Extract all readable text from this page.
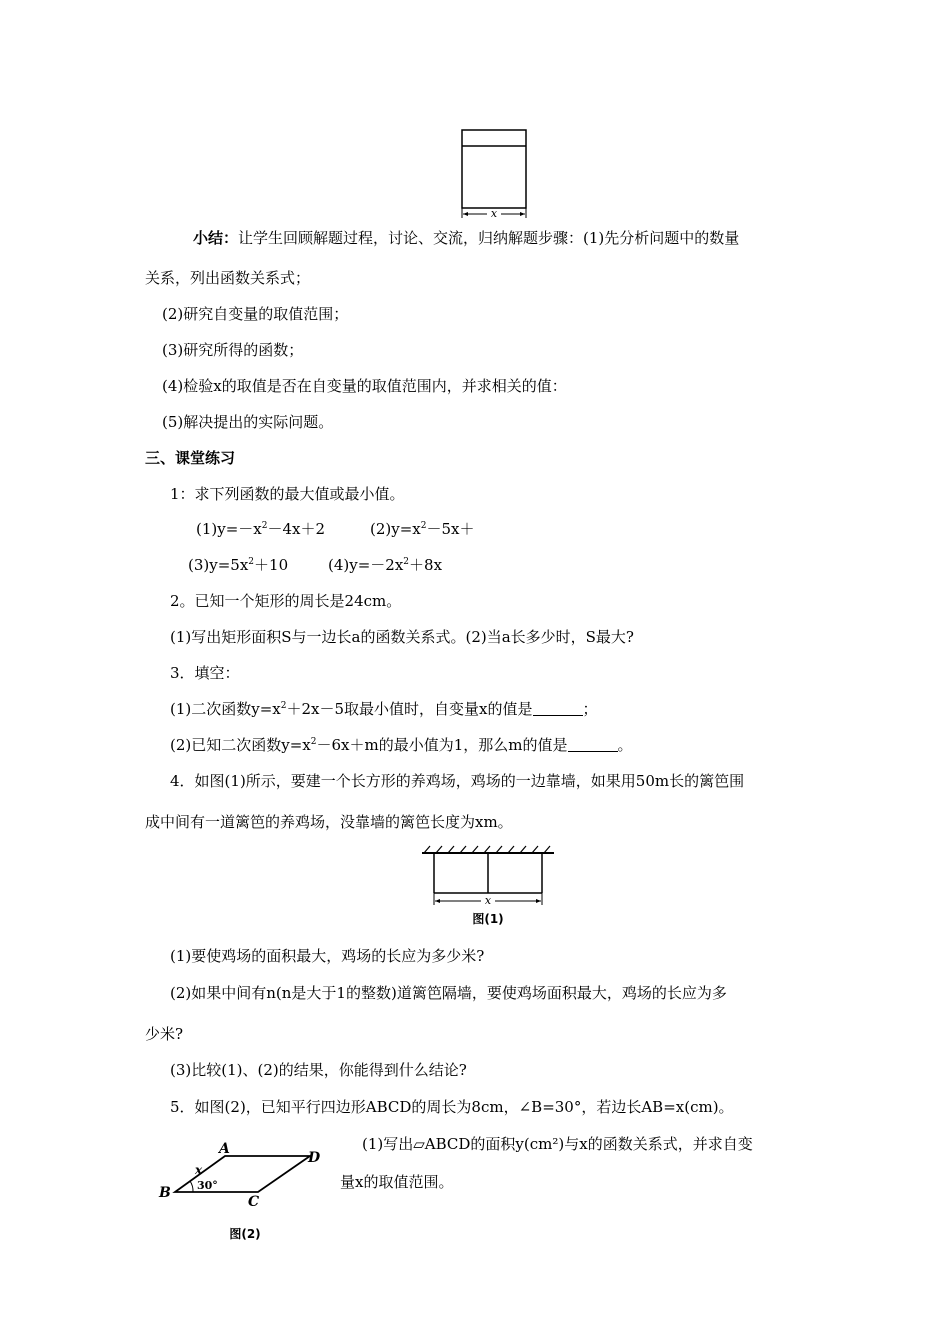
x
小结：让学生回顾解题过程，讨论、交流，归纳解题步骤：(1)先分析问题中的数量
关系，列出函数关系式；
(2)研究自变量的取值范围；
(3)研究所得的函数；
(4)检验x的取值是否在自变量的取值范围内，并求相关的值：
(5)解决提出的实际问题。
三、课堂练习
1：求下列函数的最大值或最小值。
$(1)y=-x^2-4x+2$	$(2)y=x^2-5x+$
$(3)y=5x^2+10$	$(4)y=-2x^2+8x$
2。已知一个矩形的周长是24cm。
(1)写出矩形面积S与一边长a的函数关系式。(2)当a长多少时，S最大?
3．填空：
(1)二次函数$y=x^2+2x-5$取最小值时，自变量x的值是	；
(2)已知二次函数$y=x^2-6x+m$的最小值为1，那么m的值是	。
4．如图(1)所示，要建一个长方形的养鸡场，鸡场的一边靠墙，如果用50m长的篱笆围
成中间有一道篱笆的养鸡场，没靠墙的篱笆长度为xm。
x
图(1)
(1)要使鸡场的面积最大，鸡场的长应为多少米?
(2)如果中间有n(n是大于1的整数)道篱笆隔墙，要使鸡场面积最大，鸡场的长应为多
少米?
(3)比较(1)、(2)的结果，你能得到什么结论?
5．如图(2)，已知平行四边形ABCD的周长为8cm，∠B=30°，若边长AB=x(cm)。
A
D
B
C
x
30°
图(2)
(1)写出▱ABCD的面积y(cm²)与x的函数关系式，并求自变
量x的取值范围。
